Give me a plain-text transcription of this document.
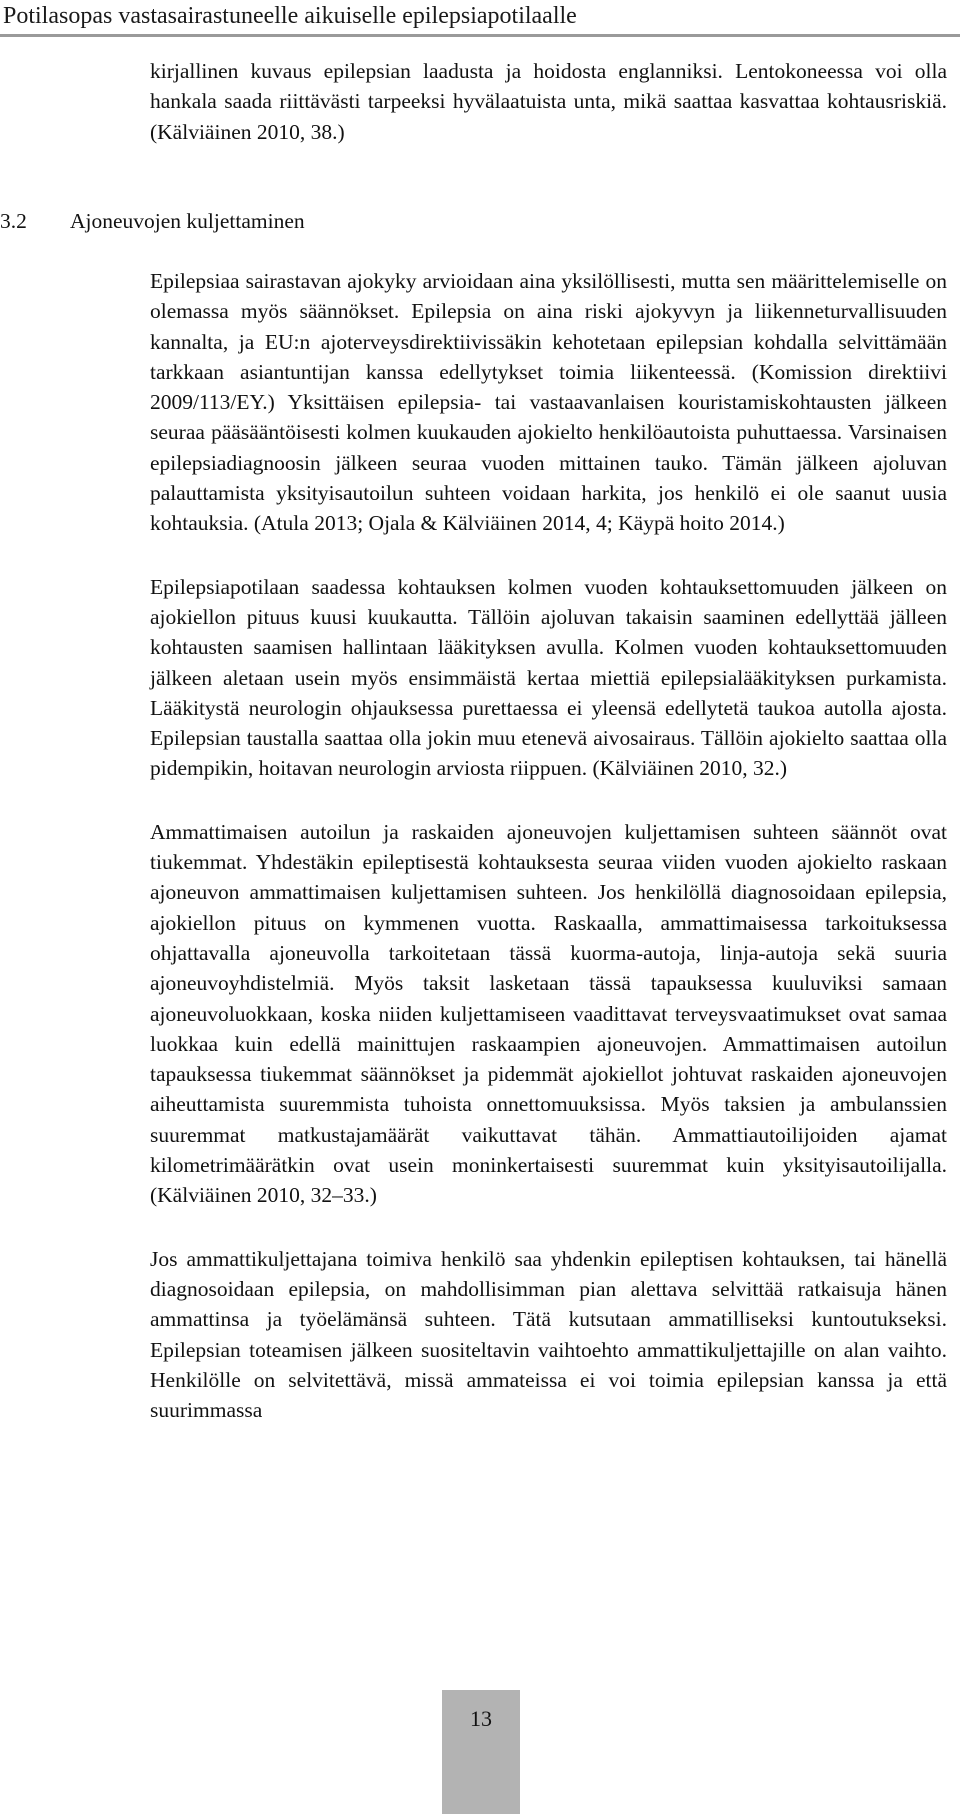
Potilasopas vastasairastuneelle aikuiselle epilepsiapotilaalle

kirjallinen kuvaus epilepsian laadusta ja hoidosta englanniksi. Lentokoneessa voi olla hankala saada riittävästi tarpeeksi hyvälaatuista unta, mikä saattaa kasvattaa kohtausriskiä. (Kälviäinen 2010, 38.)

3.2 Ajoneuvojen kuljettaminen

Epilepsiaa sairastavan ajokyky arvioidaan aina yksilöllisesti, mutta sen määrittelemiselle on olemassa myös säännökset. Epilepsia on aina riski ajokyvyn ja liikenneturvallisuuden kannalta, ja EU:n ajoterveysdirektiivissäkin kehotetaan epilepsian kohdalla selvittämään tarkkaan asiantuntijan kanssa edellytykset toimia liikenteessä. (Komission direktiivi 2009/113/EY.) Yksittäisen epilepsia- tai vastaavanlaisen kouristamiskohtausten jälkeen seuraa pääsääntöisesti kolmen kuukauden ajokielto henkilöautoista puhuttaessa. Varsinaisen epilepsiadiagnoosin jälkeen seuraa vuoden mittainen tauko. Tämän jälkeen ajoluvan palauttamista yksityisautoilun suhteen voidaan harkita, jos henkilö ei ole saanut uusia kohtauksia. (Atula 2013; Ojala & Kälviäinen 2014, 4; Käypä hoito 2014.)

Epilepsiapotilaan saadessa kohtauksen kolmen vuoden kohtauksettomuuden jälkeen on ajokiellon pituus kuusi kuukautta. Tällöin ajoluvan takaisin saaminen edellyttää jälleen kohtausten saamisen hallintaan lääkityksen avulla. Kolmen vuoden kohtauksettomuuden jälkeen aletaan usein myös ensimmäistä kertaa miettiä epilepsialääkityksen purkamista. Lääkitystä neurologin ohjauksessa purettaessa ei yleensä edellytetä taukoa autolla ajosta. Epilepsian taustalla saattaa olla jokin muu etenevä aivosairaus. Tällöin ajokielto saattaa olla pidempikin, hoitavan neurologin arviosta riippuen. (Kälviäinen 2010, 32.)

Ammattimaisen autoilun ja raskaiden ajoneuvojen kuljettamisen suhteen säännöt ovat tiukemmat. Yhdestäkin epileptisestä kohtauksesta seuraa viiden vuoden ajokielto raskaan ajoneuvon ammattimaisen kuljettamisen suhteen. Jos henkilöllä diagnosoidaan epilepsia, ajokiellon pituus on kymmenen vuotta. Raskaalla, ammattimaisessa tarkoituksessa ohjattavalla ajoneuvolla tarkoitetaan tässä kuorma-autoja, linja-autoja sekä suuria ajoneuvoyhdistelmiä. Myös taksit lasketaan tässä tapauksessa kuuluviksi samaan ajoneuvoluokkaan, koska niiden kuljettamiseen vaadittavat terveysvaatimukset ovat samaa luokkaa kuin edellä mainittujen raskaampien ajoneuvojen. Ammattimaisen autoilun tapauksessa tiukemmat säännökset ja pidemmät ajokiellot johtuvat raskaiden ajoneuvojen aiheuttamista suuremmista tuhoista onnettomuuksissa. Myös taksien ja ambulanssien suuremmat matkustajamäärät vaikuttavat tähän. Ammattiautoilijoiden ajamat kilometrimäärätkin ovat usein moninkertaisesti suuremmat kuin yksityisautoilijalla. (Kälviäinen 2010, 32–33.)

Jos ammattikuljettajana toimiva henkilö saa yhdenkin epileptisen kohtauksen, tai hänellä diagnosoidaan epilepsia, on mahdollisimman pian alettava selvittää ratkaisuja hänen ammattinsa ja työelämänsä suhteen. Tätä kutsutaan ammatilliseksi kuntoutukseksi. Epilepsian toteamisen jälkeen suositeltavin vaihtoehto ammattikuljettajille on alan vaihto. Henkilölle on selvitettävä, missä ammateissa ei voi toimia epilepsian kanssa ja että suurimmassa

13
